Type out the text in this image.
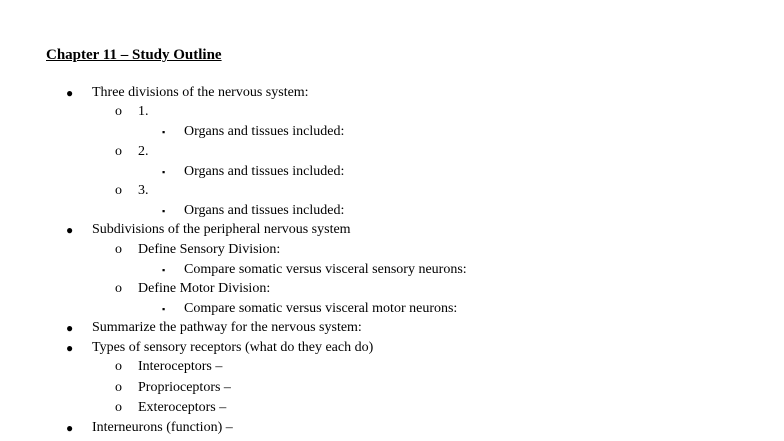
Chapter 11 – Study Outline
● Three divisions of the nervous system:
o 1.
▪ Organs and tissues included:
o 2.
▪ Organs and tissues included:
o 3.
▪ Organs and tissues included:
● Subdivisions of the peripheral nervous system
o Define Sensory Division:
▪ Compare somatic versus visceral sensory neurons:
o Define Motor Division:
▪ Compare somatic versus visceral motor neurons:
● Summarize the pathway for the nervous system:
● Types of sensory receptors (what do they each do)
o Interoceptors –
o Proprioceptors –
o Exteroceptors –
● Interneurons (function) –
